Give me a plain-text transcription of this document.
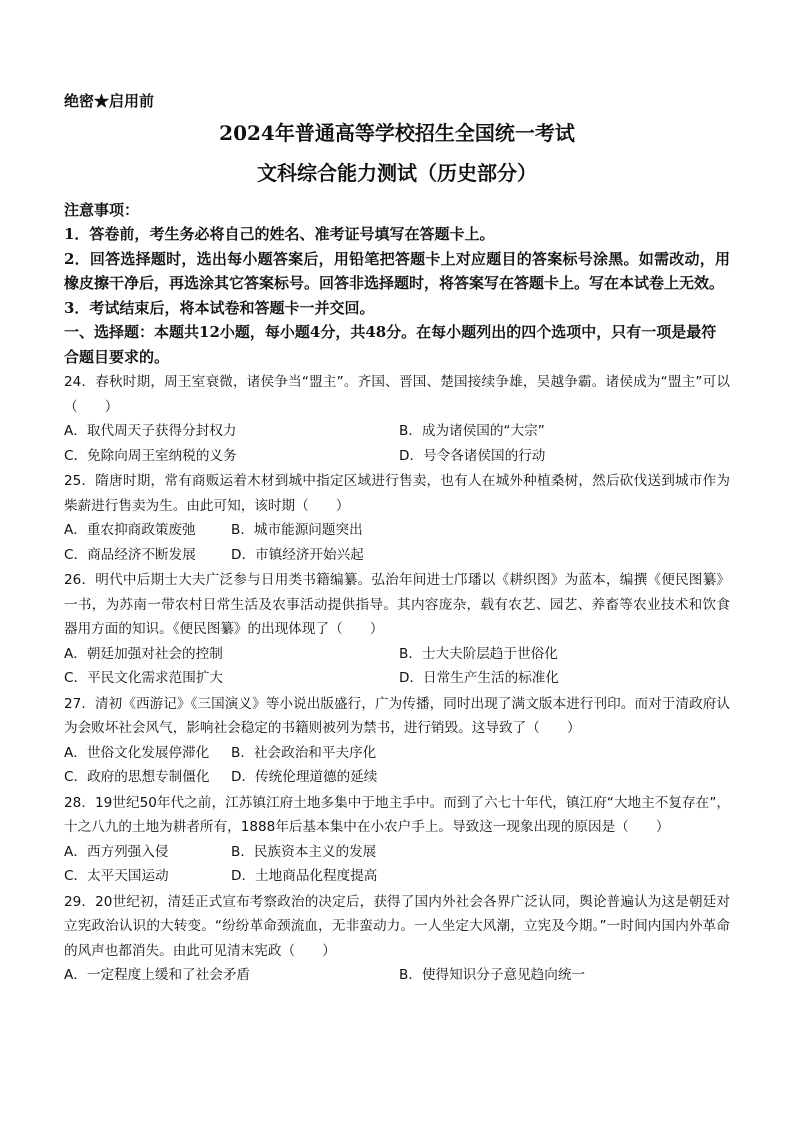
绝密★启用前
2024年普通高等学校招生全国统一考试
文科综合能力测试（历史部分）
注意事项：
1．答卷前，考生务必将自己的姓名、准考证号填写在答题卡上。
2．回答选择题时，选出每小题答案后，用铅笔把答题卡上对应题目的答案标号涂黑。如需改动，用橡皮擦干净后，再选涂其它答案标号。回答非选择题时，将答案写在答题卡上。写在本试卷上无效。
3．考试结束后，将本试卷和答题卡一并交回。
一、选择题：本题共12小题，每小题4分，共48分。在每小题列出的四个选项中，只有一项是最符合题目要求的。
24．春秋时期，周王室衰微，诸侯争当“盟主”。齐国、晋国、楚国接续争雄，吴越争霸。诸侯成为“盟主”可以（　　）
A．取代周天子获得分封权力	B．成为诸侯国的“大宗”
C．免除向周王室纳税的义务	D．号令各诸侯国的行动
25．隋唐时期，常有商贩运着木材到城中指定区域进行售卖，也有人在城外种植桑树，然后砍伐送到城市作为柴薪进行售卖为生。由此可知，该时期（　　）
A．重农抑商政策废弛	B．城市能源问题突出
C．商品经济不断发展	D．市镇经济开始兴起
26．明代中后期士大夫广泛参与日用类书籍编纂。弘治年间进士邝璠以《耕织图》为蓝本，编撰《便民图纂》一书，为苏南一带农村日常生活及农事活动提供指导。其内容庞杂，载有农艺、园艺、养畜等农业技术和饮食器用方面的知识。《便民图纂》的出现体现了（　　）
A．朝廷加强对社会的控制	B．士大夫阶层趋于世俗化
C．平民文化需求范围扩大	D．日常生产生活的标准化
27．清初《西游记》《三国演义》等小说出版盛行，广为传播，同时出现了满文版本进行刊印。而对于清政府认为会败坏社会风气，影响社会稳定的书籍则被列为禁书，进行销毁。这导致了（　　）
A．世俗文化发展停滞化 B．社会政治和平夫序化
C．政府的思想专制僵化 D．传统伦理道德的延续
28．19世纪50年代之前，江苏镇江府土地多集中于地主手中。而到了六七十年代，镇江府“大地主不复存在”，十之八九的土地为耕者所有，1888年后基本集中在小农户手上。导致这一现象出现的原因是（　　）
A．西方列强入侵	B．民族资本主义的发展
C．太平天国运动	D．土地商品化程度提高
29．20世纪初，清廷正式宣布考察政治的决定后，获得了国内外社会各界广泛认同，舆论普遍认为这是朝廷对立宪政治认识的大转变。“纷纷革命颈流血，无非蛮动力。一人坐定大风潮，立宪及今期。”一时间内国内外革命的风声也都消失。由此可见清末宪政（　　）
A．一定程度上缓和了社会矛盾	B．使得知识分子意见趋向统一
